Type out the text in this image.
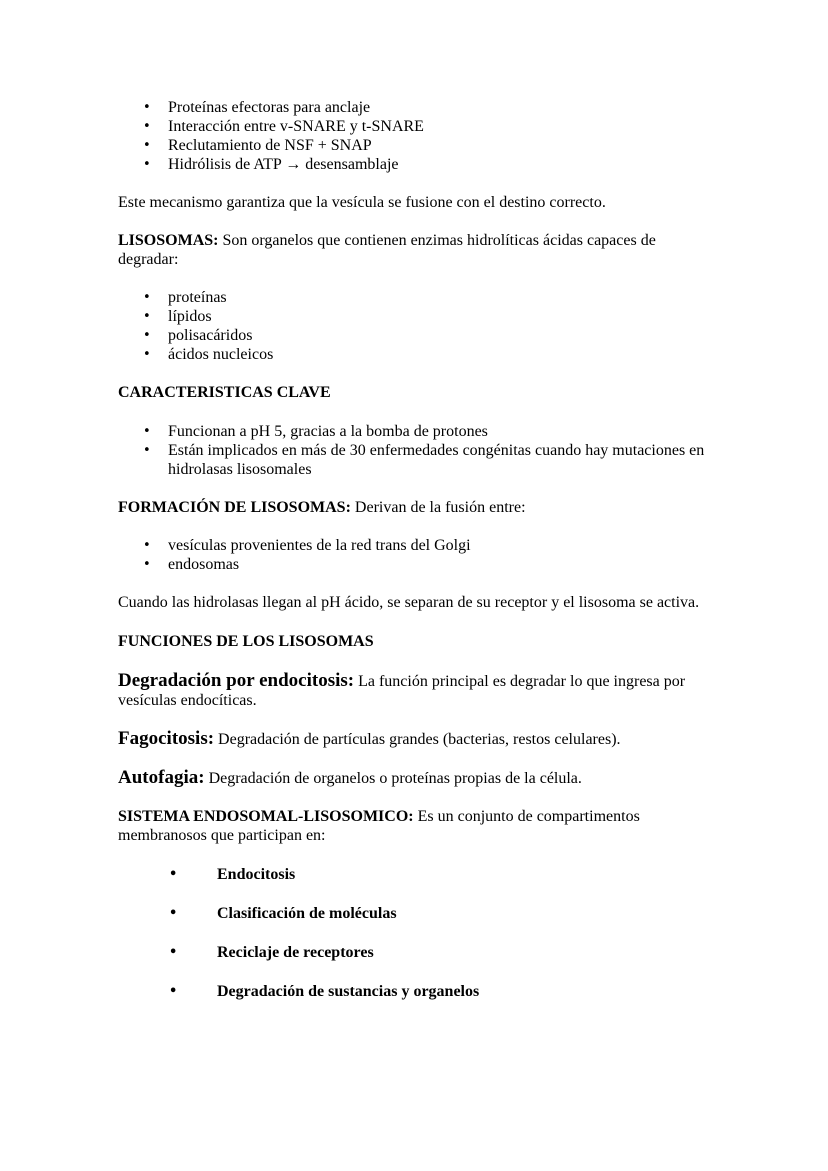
• Proteínas efectoras para anclaje
• Interacción entre v-SNARE y t-SNARE
• Reclutamiento de NSF + SNAP
• Hidrólisis de ATP → desensamblaje

Este mecanismo garantiza que la vesícula se fusione con el destino correcto.

LISOSOMAS: Son organelos que contienen enzimas hidrolíticas ácidas capaces de degradar:

• proteínas
• lípidos
• polisacáridos
• ácidos nucleicos

CARACTERISTICAS CLAVE

• Funcionan a pH 5, gracias a la bomba de protones
• Están implicados en más de 30 enfermedades congénitas cuando hay mutaciones en hidrolasas lisosomales

FORMACIÓN DE LISOSOMAS: Derivan de la fusión entre:

• vesículas provenientes de la red trans del Golgi
• endosomas

Cuando las hidrolasas llegan al pH ácido, se separan de su receptor y el lisosoma se activa.

FUNCIONES DE LOS LISOSOMAS

Degradación por endocitosis: La función principal es degradar lo que ingresa por vesículas endocíticas.

Fagocitosis: Degradación de partículas grandes (bacterias, restos celulares).

Autofagia: Degradación de organelos o proteínas propias de la célula.

SISTEMA ENDOSOMAL-LISOSOMICO: Es un conjunto de compartimentos membranosos que participan en:

• Endocitosis
• Clasificación de moléculas
• Reciclaje de receptores
• Degradación de sustancias y organelos
